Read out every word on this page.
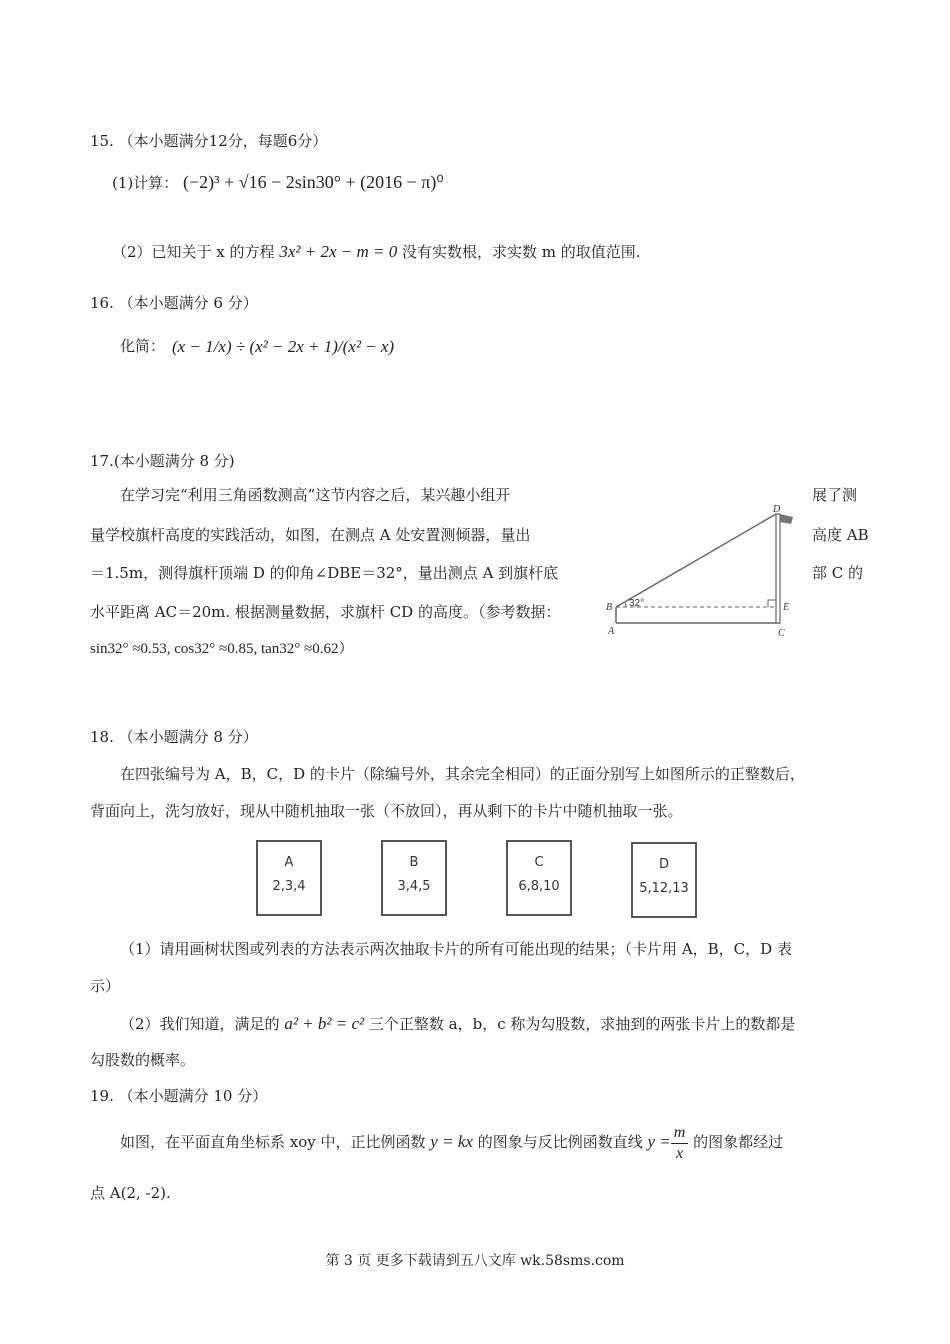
15. （本小题满分12分，每题6分）
(1)计算： (−2)³ + √16 − 2sin30° + (2016 − π)⁰
（2）已知关于 x 的方程 3x² + 2x − m = 0 没有实数根，求实数 m 的取值范围.
16. （本小题满分 6 分）
化简： (x − 1/x) ÷ (x² − 2x + 1)/(x² − x)
17.(本小题满分 8 分)
在学习完“利用三角函数测高”这节内容之后，某兴趣小组开
量学校旗杆高度的实践活动，如图，在测点 A 处安置测倾器，量出
＝1.5m，测得旗杆顶端 D 的仰角∠DBE＝32°，量出测点 A 到旗杆底
水平距离 AC＝20m. 根据测量数据，求旗杆 CD 的高度。（参考数据：
sin32° ≈0.53, cos32° ≈0.85, tan32° ≈0.62）
展了测
高度 AB
部 C 的
32°
D
B	E
A	C
18. （本小题满分 8 分）
在四张编号为 A，B，C，D 的卡片（除编号外，其余完全相同）的正面分别写上如图所示的正整数后，
背面向上，洗匀放好，现从中随机抽取一张（不放回），再从剩下的卡片中随机抽取一张。
A
2,3,4
B
3,4,5
C
6,8,10
D
5,12,13
（1）请用画树状图或列表的方法表示两次抽取卡片的所有可能出现的结果；（卡片用 A，B，C，D 表
示）
（2）我们知道，满足的 a² + b² = c² 三个正整数 a，b，c 称为勾股数，求抽到的两张卡片上的数都是
勾股数的概率。
19. （本小题满分 10 分）
如图，在平面直角坐标系 xoy 中，正比例函数 y = kx 的图象与反比例函数直线 $y = \frac{m}{x}$ 的图象都经过
点 A(2, -2).
第 3 页 更多下载请到五八文库 wk.58sms.com
